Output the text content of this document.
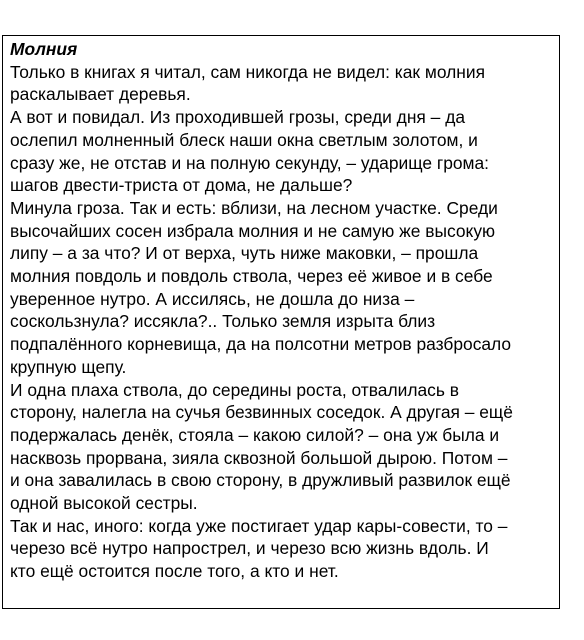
Молния
Только в книгах я читал, сам никогда не видел: как молния
раскалывает деревья.
А вот и повидал. Из проходившей грозы, среди дня – да
ослепил молненный блеск наши окна светлым золотом, и
сразу же, не отстав и на полную секунду, – ударище грома:
шагов двести-триста от дома, не дальше?
Минула гроза. Так и есть: вблизи, на лесном участке. Среди
высочайших сосен избрала молния и не самую же высокую
липу – а за что? И от верха, чуть ниже маковки, – прошла
молния повдоль и повдоль ствола, через её живое и в себе
уверенное нутро. А иссилясь, не дошла до низа –
соскользнула? иссякла?.. Только земля изрыта близ
подпалённого корневища, да на полсотни метров разбросало
крупную щепу.
И одна плаха ствола, до середины роста, отвалилась в
сторону, налегла на сучья безвинных соседок. А другая – ещё
подержалась денёк, стояла – какою силой? – она уж была и
насквозь прорвана, зияла сквозной большой дырою. Потом –
и она завалилась в свою сторону, в дружливый развилок ещё
одной высокой сестры.
Так и нас, иного: когда уже постигает удар кары-совести, то –
черезо всё нутро напрострел, и черезо всю жизнь вдоль. И
кто ещё остоится после того, а кто и нет.
